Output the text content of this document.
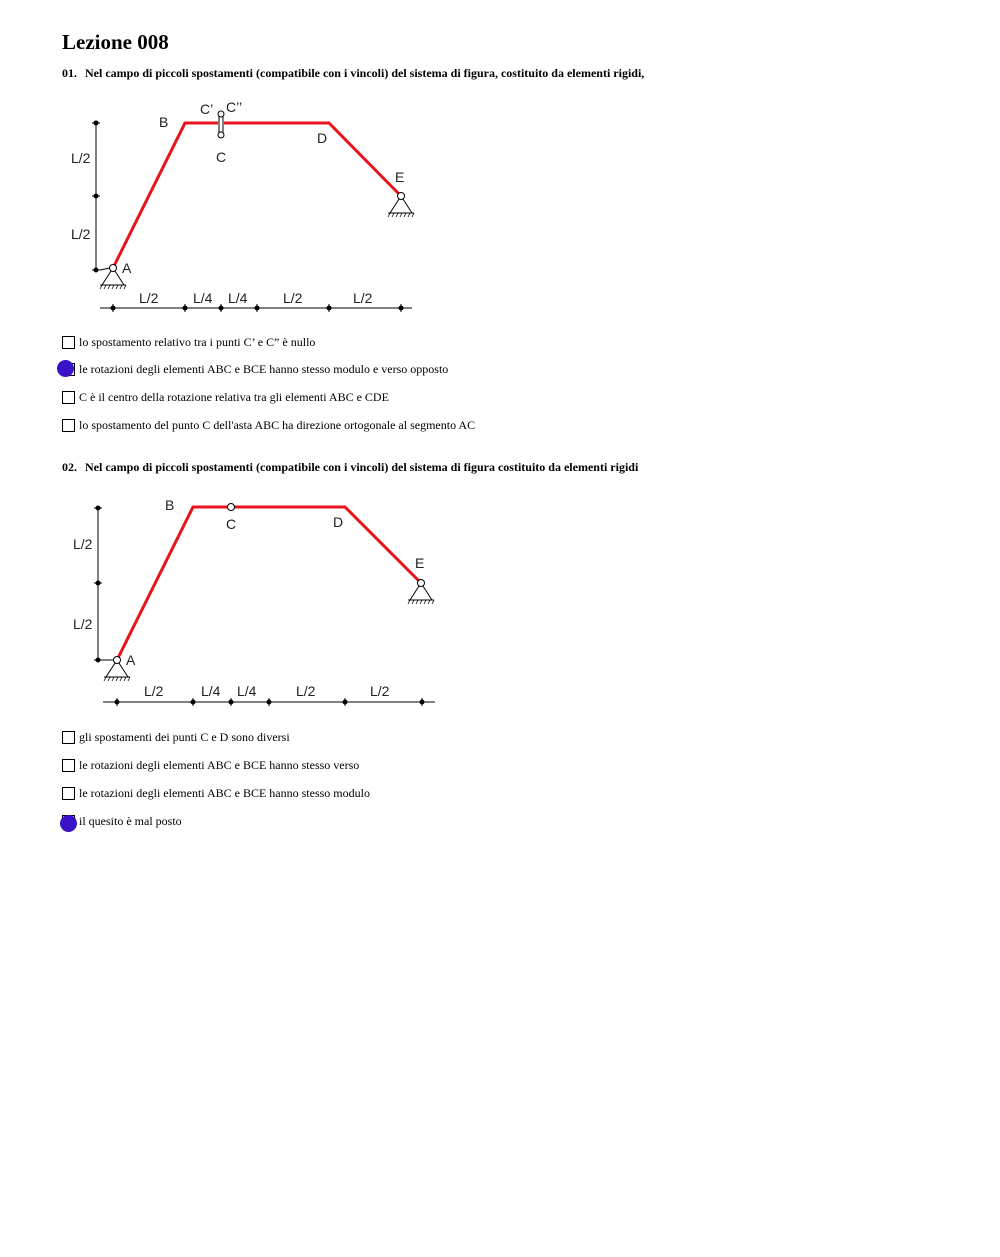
Lezione 008
01. Nel campo di piccoli spostamenti (compatibile con i vincoli) del sistema di figura, costituito da elementi rigidi,
L/2
L/2
L/2 L/4 L/4	L/2	L/2
A
B
C’ C’’
C
D
E
lo spostamento relativo tra i punti C’ e C” è nullo
le rotazioni degli elementi ABC e BCE hanno stesso modulo e verso opposto
C è il centro della rotazione relativa tra gli elementi ABC e CDE
lo spostamento del punto C dell'asta ABC ha direzione ortogonale al segmento AC
02. Nel campo di piccoli spostamenti (compatibile con i vincoli) del sistema di figura costituito da elementi rigidi
L/2
L/2
L/2	L/4 L/4	L/2	L/2
A
B
C	D
E
gli spostamenti dei punti C e D sono diversi
le rotazioni degli elementi ABC e BCE hanno stesso verso
le rotazioni degli elementi ABC e BCE hanno stesso modulo
il quesito è mal posto
